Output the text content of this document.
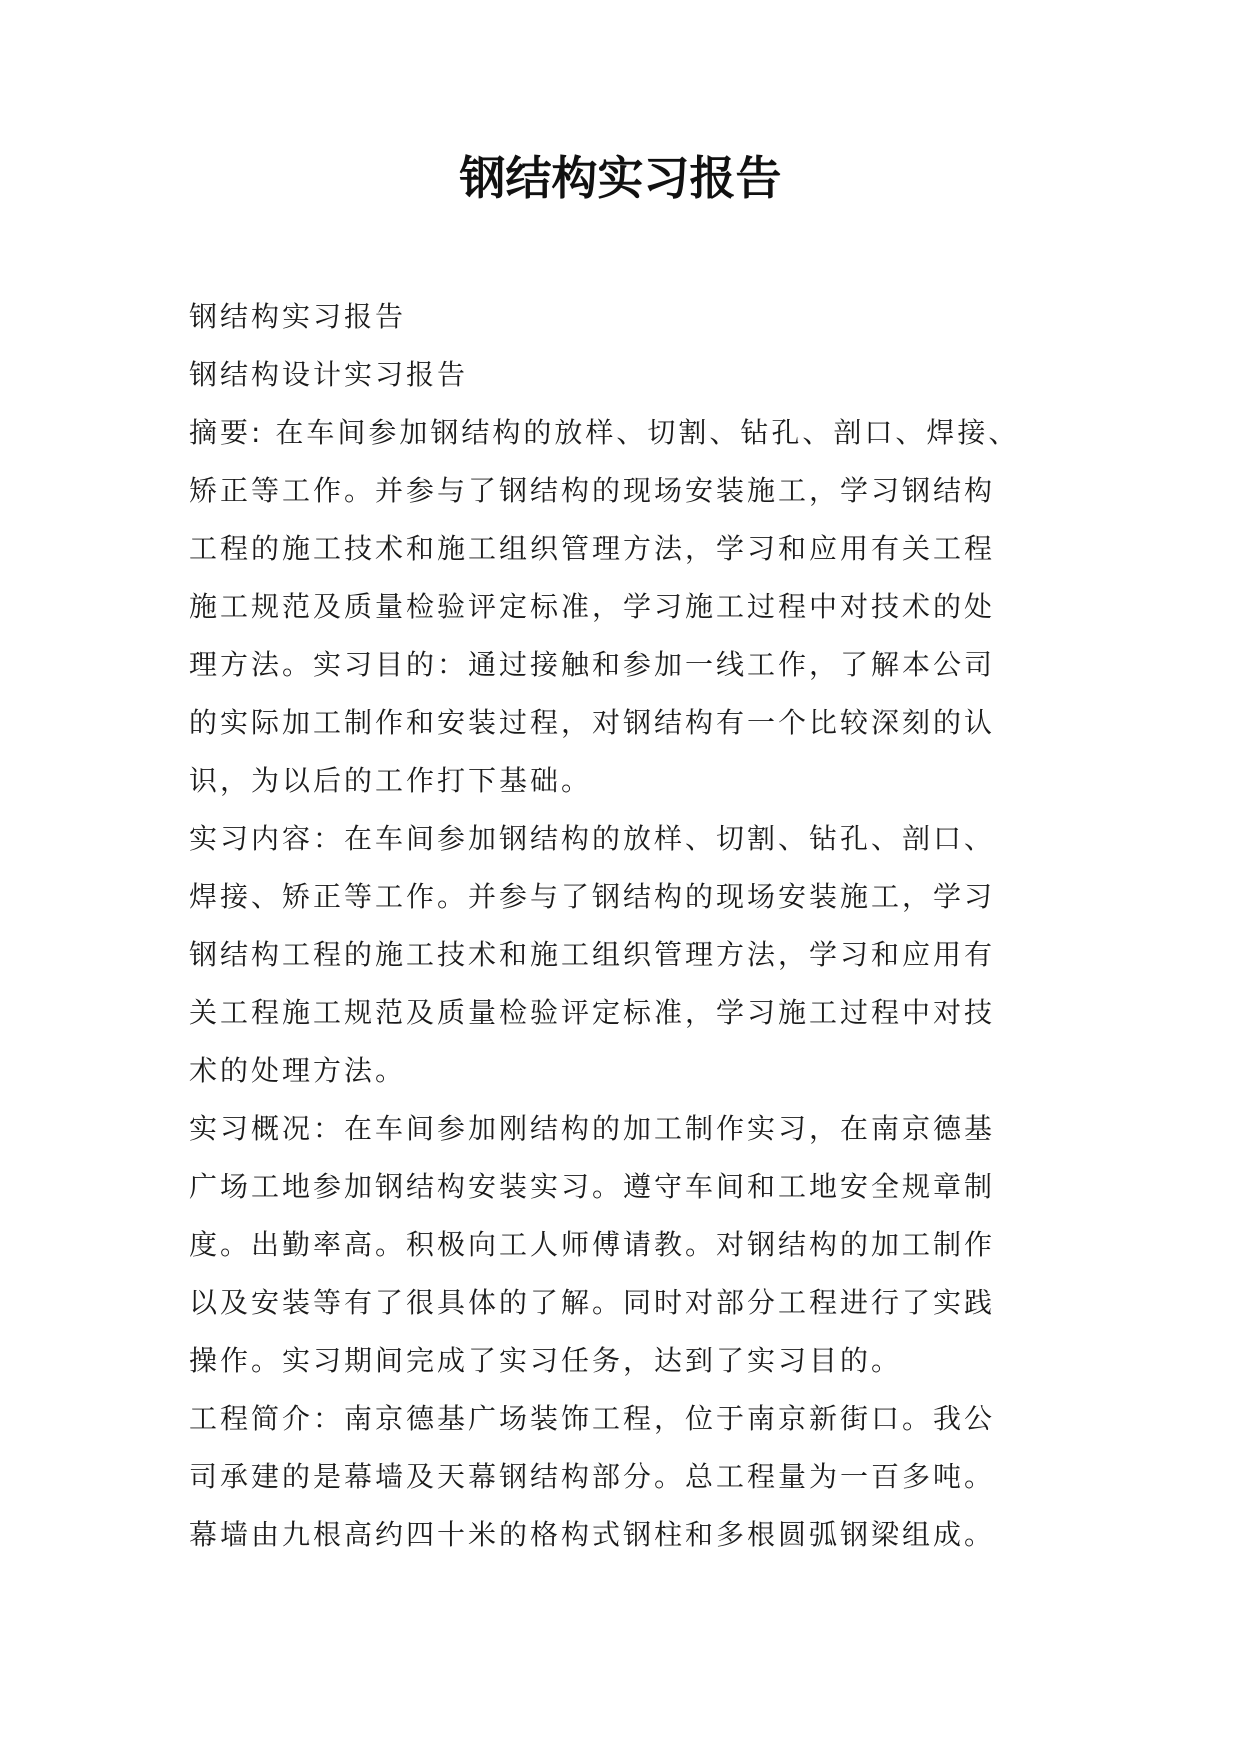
钢结构实习报告
钢结构实习报告
钢结构设计实习报告
摘要: 在车间参加钢结构的放样、切割、钻孔、剖口、焊接、
矫正等工作。并参与了钢结构的现场安装施工，学习钢结构
工程的施工技术和施工组织管理方法，学习和应用有关工程
施工规范及质量检验评定标准，学习施工过程中对技术的处
理方法。实习目的：通过接触和参加一线工作，了解本公司
的实际加工制作和安装过程，对钢结构有一个比较深刻的认
识，为以后的工作打下基础。
实习内容：在车间参加钢结构的放样、切割、钻孔、剖口、
焊接、矫正等工作。并参与了钢结构的现场安装施工，学习
钢结构工程的施工技术和施工组织管理方法，学习和应用有
关工程施工规范及质量检验评定标准，学习施工过程中对技
术的处理方法。
实习概况：在车间参加刚结构的加工制作实习，在南京德基
广场工地参加钢结构安装实习。遵守车间和工地安全规章制
度。出勤率高。积极向工人师傅请教。对钢结构的加工制作
以及安装等有了很具体的了解。同时对部分工程进行了实践
操作。实习期间完成了实习任务，达到了实习目的。
工程简介：南京德基广场装饰工程，位于南京新街口。我公
司承建的是幕墙及天幕钢结构部分。总工程量为一百多吨。
幕墙由九根高约四十米的格构式钢柱和多根圆弧钢梁组成。
